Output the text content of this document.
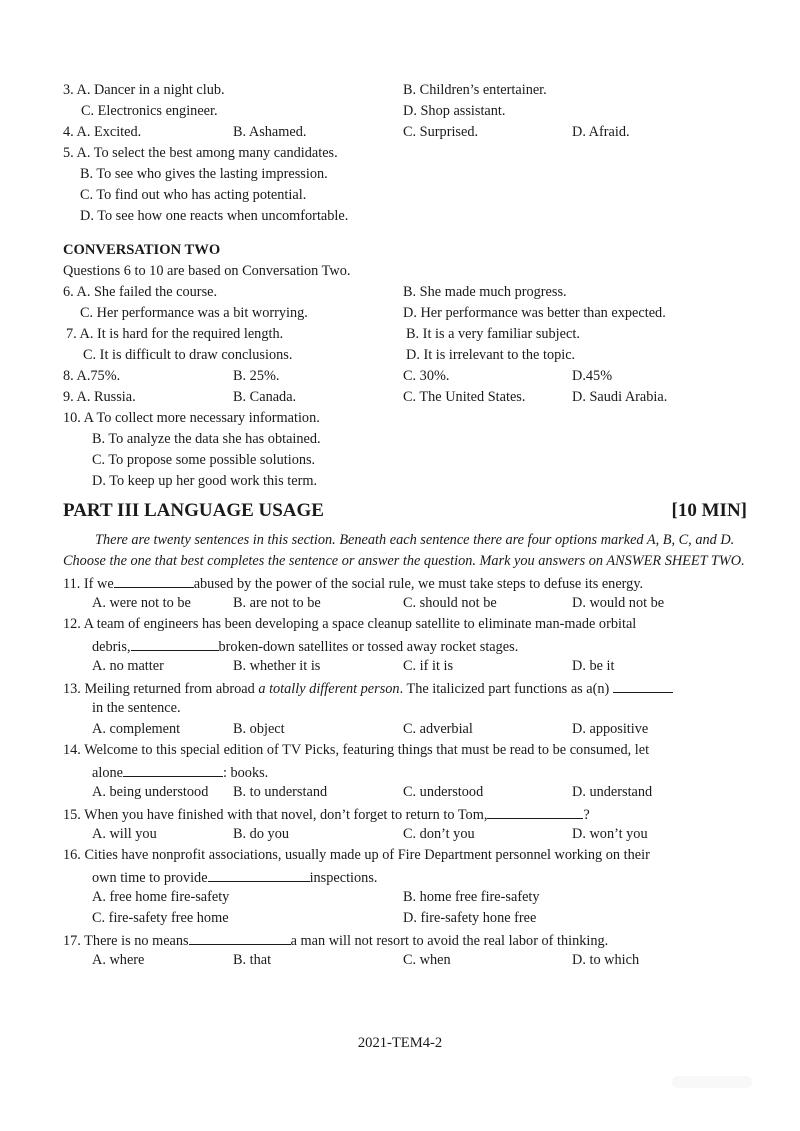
3. A. Dancer in a night club.	B. Children’s entertainer.
C. Electronics engineer.	D. Shop assistant.
4. A. Excited.	B. Ashamed.	C. Surprised.	D. Afraid.
5. A. To select the best among many candidates.
B. To see who gives the lasting impression.
C. To find out who has acting potential.
D. To see how one reacts when uncomfortable.
CONVERSATION TWO
Questions 6 to 10 are based on Conversation Two.
6. A. She failed the course.	B. She made much progress.
C. Her performance was a bit worrying.	D. Her performance was better than expected.
7. A. It is hard for the required length.	B. It is a very familiar subject.
C. It is difficult to draw conclusions.	D. It is irrelevant to the topic.
8. A.75%.	B. 25%.	C. 30%.	D.45%
9. A. Russia.	B. Canada.	C. The United States.	D. Saudi Arabia.
10. A To collect more necessary information.
B. To analyze the data she has obtained.
C. To propose some possible solutions.
D. To keep up her good work this term.
PART III LANGUAGE USAGE	[10 MIN]

There are twenty sentences in this section. Beneath each sentence there are four options marked A, B, C, and D. Choose the one that best completes the sentence or answer the question. Mark you answers on ANSWER SHEET TWO.

11. If we	abused by the power of the social rule, we must take steps to defuse its energy.
A. were not to be	B. are not to be	C. should not be	D. would not be
12. A team of engineers has been developing a space cleanup satellite to eliminate man-made orbital
debris,	broken-down satellites or tossed away rocket stages.
A. no matter	B. whether it is	C. if it is	D. be it
13. Meiling returned from abroad a totally different person. The italicized part functions as a(n)
in the sentence.
A. complement	B. object	C. adverbial	D. appositive
14. Welcome to this special edition of TV Picks, featuring things that must be read to be consumed, let
alone	: books.
A. being understood B. to understand	C. understood	D. understand
15. When you have finished with that novel, don’t forget to return to Tom,	?
A. will you	B. do you	C. don’t you	D. won’t you
16. Cities have nonprofit associations, usually made up of Fire Department personnel working on their
own time to provide	inspections.
A. free home fire-safety	B. home free fire-safety
C. fire-safety free home	D. fire-safety hone free
17. There is no means	a man will not resort to avoid the real labor of thinking.
A. where	B. that	C. when	D. to which
2021-TEM4-2
